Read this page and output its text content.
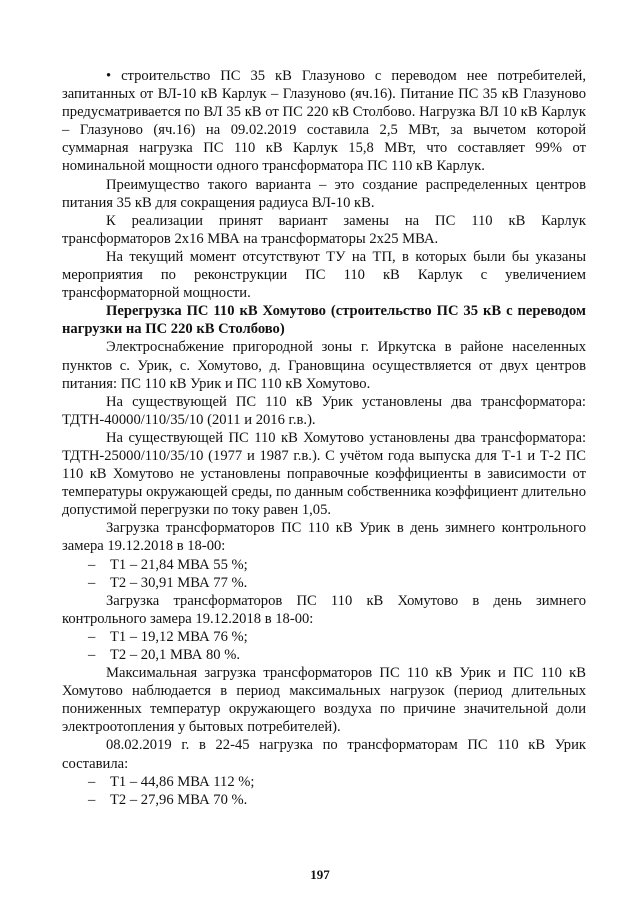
• строительство ПС 35 кВ Глазуново с переводом нее потребителей, запитанных от ВЛ-10 кВ Карлук – Глазуново (яч.16). Питание ПС 35 кВ Глазуново предусматривается по ВЛ 35 кВ от ПС 220 кВ Столбово. Нагрузка ВЛ 10 кВ Карлук – Глазуново (яч.16) на 09.02.2019 составила 2,5 МВт, за вычетом которой суммарная нагрузка ПС 110 кВ Карлук 15,8 МВт, что составляет 99% от номинальной мощности одного трансформатора ПС 110 кВ Карлук.

Преимущество такого варианта – это создание распределенных центров питания 35 кВ для сокращения радиуса ВЛ-10 кВ.

К реализации принят вариант замены на ПС 110 кВ Карлук трансформаторов 2х16 МВА на трансформаторы 2х25 МВА.

На текущий момент отсутствуют ТУ на ТП, в которых были бы указаны мероприятия по реконструкции ПС 110 кВ Карлук с увеличением трансформаторной мощности.

Перегрузка ПС 110 кВ Хомутово (строительство ПС 35 кВ с переводом нагрузки на ПС 220 кВ Столбово)

Электроснабжение пригородной зоны г. Иркутска в районе населенных пунктов с. Урик, с. Хомутово, д. Грановщина осуществляется от двух центров питания: ПС 110 кВ Урик и ПС 110 кВ Хомутово.

На существующей ПС 110 кВ Урик установлены два трансформатора: ТДТН-40000/110/35/10 (2011 и 2016 г.в.).

На существующей ПС 110 кВ Хомутово установлены два трансформатора: ТДТН-25000/110/35/10 (1977 и 1987 г.в.). С учётом года выпуска для Т-1 и Т-2 ПС 110 кВ Хомутово не установлены поправочные коэффициенты в зависимости от температуры окружающей среды, по данным собственника коэффициент длительно допустимой перегрузки по току равен 1,05.

Загрузка трансформаторов ПС 110 кВ Урик в день зимнего контрольного замера 19.12.2018 в 18-00:

– Т1 – 21,84 МВА 55 %;

– Т2 – 30,91 МВА 77 %.

Загрузка трансформаторов ПС 110 кВ Хомутово в день зимнего контрольного замера 19.12.2018 в 18-00:

– Т1 – 19,12 МВА 76 %;

– Т2 – 20,1 МВА 80 %.

Максимальная загрузка трансформаторов ПС 110 кВ Урик и ПС 110 кВ Хомутово наблюдается в период максимальных нагрузок (период длительных пониженных температур окружающего воздуха по причине значительной доли электроотопления у бытовых потребителей).

08.02.2019 г. в 22-45 нагрузка по трансформаторам ПС 110 кВ Урик составила:

– Т1 – 44,86 МВА 112 %;

– Т2 – 27,96 МВА 70 %.

197
